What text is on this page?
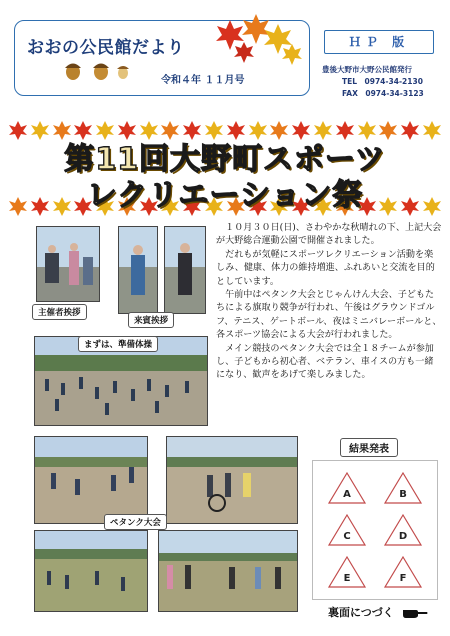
おおの公民館だより
令和４年 １１月号
ＨＰ 版
豊後大野市大野公民館発行
TEL　0974-34-2130
FAX　0974-34-3123
第11回大野町スポーツ
レクリエーション祭
主催者挨拶
来賓挨拶
まずは、準備体操
ペタンク大会

１０月３０日(日)、さわやかな秋晴れの下、上記大会が大野総合運動公園で開催されました。

だれもが気軽にスポーツレクリエーション活動を楽しみ、健康、体力の維持増進、ふれあいと交流を目的としています。

午前中はペタンク大会とじゃんけん大会、子どもたちによる旗取り競争が行われ、午後はグラウンドゴルフ、テニス、ゲートボール、夜はミニバレーボールと、各スポーツ協会による大会が行われました。

メイン競技のペタンク大会では全１８チームが参加し、子どもから初心者、ベテラン、車イスの方も一緒になり、歓声をあげて楽しみました。

結果発表
A	B
C	D
E	F
裏面につづく
